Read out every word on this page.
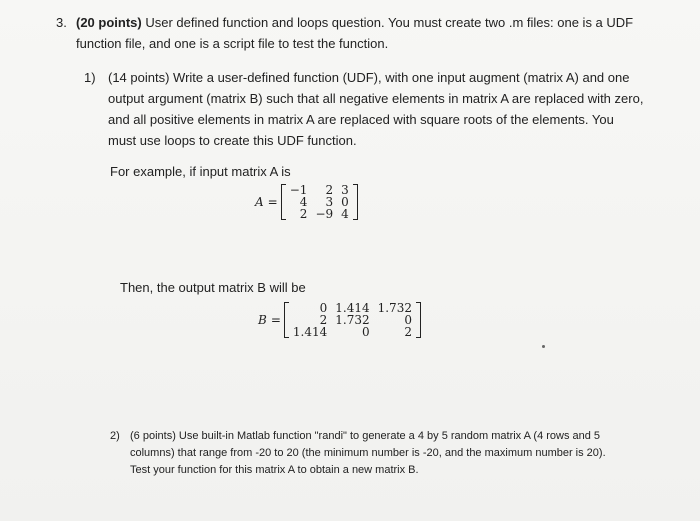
3. (20 points) User defined function and loops question. You must create two .m files: one is a UDF function file, and one is a script file to test the function.
1) (14 points) Write a user-defined function (UDF), with one input augment (matrix A) and one output argument (matrix B) such that all negative elements in matrix A are replaced with zero, and all positive elements in matrix A are replaced with square roots of the elements. You must use loops to create this UDF function.
For example, if input matrix A is
A =
−1	2	3
4	3	0
2	−9	4
Then, the output matrix B will be
B =
0	1.414	1.732
2	1.732	0
1.414	0	2
2) (6 points) Use built-in Matlab function "randi" to generate a 4 by 5 random matrix A (4 rows and 5 columns) that range from -20 to 20 (the minimum number is -20, and the maximum number is 20). Test your function for this matrix A to obtain a new matrix B.
